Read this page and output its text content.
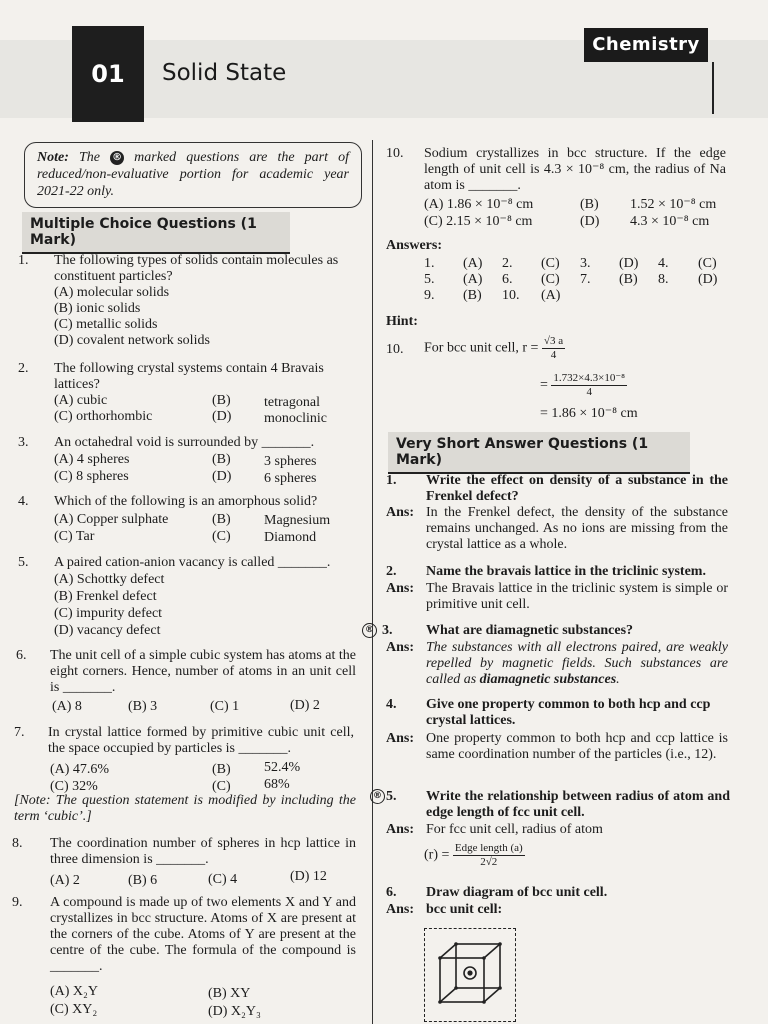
Chemistry
01	Solid State
Note: The ® marked questions are the part of reduced/non-evaluative portion for academic year 2021-22 only.
Multiple Choice Questions (1 Mark)
1.	The following types of solids contain molecules as constituent particles?
(A) molecular solids
(B) ionic solids
(C) metallic solids
(D) covalent network solids
2.	The following crystal systems contain 4 Bravais lattices?
(A) cubic	(B) tetragonal
(C) orthorhombic	(D) monoclinic
3.	An octahedral void is surrounded by _______.
(A) 4 spheres	(B) 3 spheres
(C) 8 spheres	(D) 6 spheres
4.	Which of the following is an amorphous solid?
(A) Copper sulphate	(B) Magnesium
(C) Tar	(C) Diamond
5.	A paired cation-anion vacancy is called _______.
(A) Schottky defect
(B) Frenkel defect
(C) impurity defect
(D) vacancy defect
6.	The unit cell of a simple cubic system has atoms at the eight corners. Hence, number of atoms in an unit cell is _______.
(A) 8	(B) 3	(C) 1	(D) 2
7.	In crystal lattice formed by primitive cubic unit cell, the space occupied by particles is _______.
(A) 47.6%	(B) 52.4%
(C) 32%	(C) 68%
[Note: The question statement is modified by including the term ‘cubic’.]
8.	The coordination number of spheres in hcp lattice in three dimension is _______.
(A) 2	(B) 6	(C) 4	(D) 12
9.	A compound is made up of two elements X and Y and crystallizes in bcc structure. Atoms of X are present at the corners of the cube. Atoms of Y are present at the centre of the cube. The formula of the compound is _______.
(A) X₂Y	(B) XY
(C) XY₂	(D) X₂Y₃
10. Sodium crystallizes in bcc structure. If the edge length of unit cell is 4.3 × 10⁻⁸ cm, the radius of Na atom is _______.
(A) 1.86 × 10⁻⁸ cm	(B) 1.52 × 10⁻⁸ cm
(C) 2.15 × 10⁻⁸ cm	(D) 4.3 × 10⁻⁸ cm
Answers:
1. (A) 2. (C) 3. (D) 4. (C)
5. (A) 6. (C) 7. (B) 8. (D)
9. (B) 10. (A)
Hint:
10. For bcc unit cell, $r = \frac{√3 a}{4}$
= $\frac{\text{1.732×4.3×10⁻⁸}}{4}$
= 1.86 × 10⁻⁸ cm
Very Short Answer Questions (1 Mark)
1.	Write the effect on density of a substance in the Frenkel defect?
Ans: In the Frenkel defect, the density of the substance remains unchanged. As no ions are missing from the crystal lattice as a whole.
2.	Name the bravais lattice in the triclinic system.
Ans: The Bravais lattice in the triclinic system is simple or primitive unit cell.
® 3.	What are diamagnetic substances?
Ans: The substances with all electrons paired, are weakly repelled by magnetic fields. Such substances are called as diamagnetic substances.
4.	Give one property common to both hcp and ccp crystal lattices.
Ans: One property common to both hcp and ccp lattice is same coordination number of the particles (i.e., 12).
® 5.	Write the relationship between radius of atom and edge length of fcc unit cell.
Ans: For fcc unit cell, radius of atom
$(r) = \frac{\text{Edge length (a)}}{2√2}$
6.	Draw diagram of bcc unit cell.
Ans: bcc unit cell:
